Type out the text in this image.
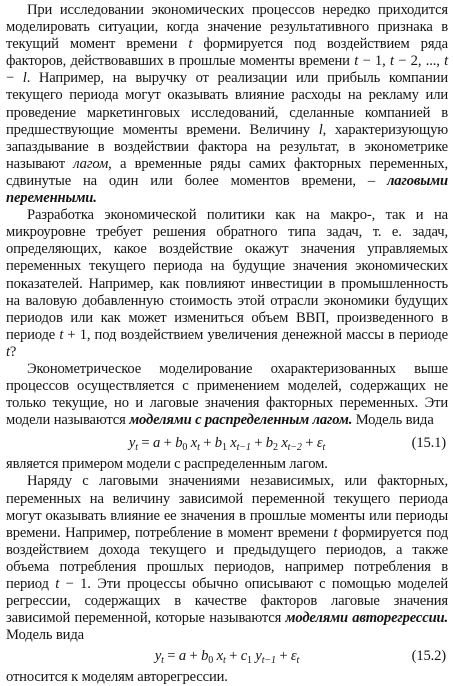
При исследовании экономических процессов нередко приходится моделировать ситуации, когда значение результативного признака в текущий момент времени t формируется под воздействием ряда факторов, действовавших в прошлые моменты времени t − 1, t − 2, ..., t − l. Например, на выручку от реализации или прибыль компании текущего периода могут оказывать влияние расходы на рекламу или проведение маркетинговых исследований, сделанные компанией в предшествующие моменты времени. Величину l, характеризующую запаздывание в воздействии фактора на результат, в эконометрике называют лагом, а временные ряды самих факторных переменных, сдвинутые на один или более моментов времени, – лаговыми переменными.

Разработка экономической политики как на макро-, так и на микроуровне требует решения обратного типа задач, т. е. задач, определяющих, какое воздействие окажут значения управляемых переменных текущего периода на будущие значения экономических показателей. Например, как повлияют инвестиции в промышленность на валовую добавленную стоимость этой отрасли экономики будущих периодов или как может измениться объем ВВП, произведенного в периоде t + 1, под воздействием увеличения денежной массы в периоде t?

Эконометрическое моделирование охарактеризованных выше процессов осуществляется с применением моделей, содержащих не только текущие, но и лаговые значения факторных переменных. Эти модели называются моделями с распределенным лагом. Модель вида

$y_t = a + b_0$ $x_t + b_1$ $x_{t-1} + b_2$ $x_{t-2} + \varepsilon_t$	(15.1)

является примером модели с распределенным лагом.

Наряду с лаговыми значениями независимых, или факторных, переменных на величину зависимой переменной текущего периода могут оказывать влияние ее значения в прошлые моменты или периоды времени. Например, потребление в момент времени t формируется под воздействием дохода текущего и предыдущего периодов, а также объема потребления прошлых периодов, например потребления в период t − 1. Эти процессы обычно описывают с помощью моделей регрессии, содержащих в качестве факторов лаговые значения зависимой переменной, которые называются моделями авторегрессии. Модель вида

$y_t = a + b_0$ $x_t + c_1$ $y_{t-1} + \varepsilon_t$	(15.2)

относится к моделям авторегрессии.
